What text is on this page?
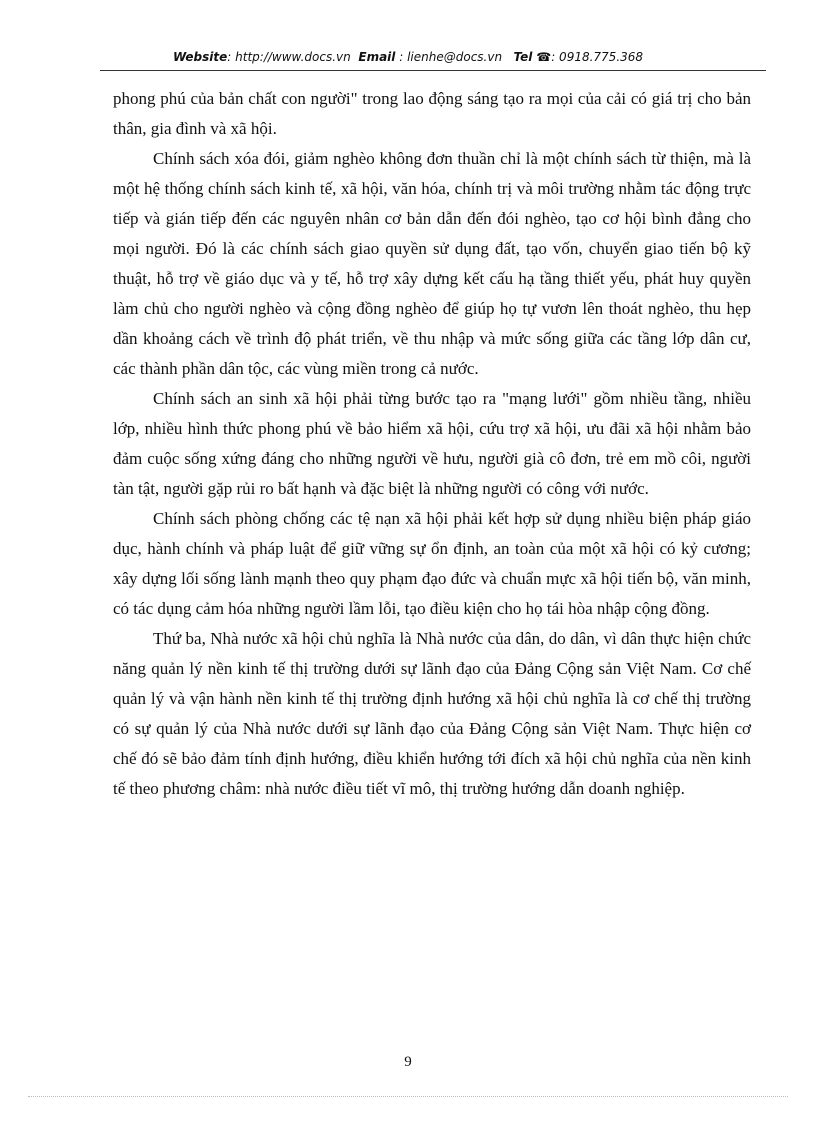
Website: http://www.docs.vn Email : lienhe@docs.vn Tel ☎: 0918.775.368

phong phú của bản chất con người" trong lao động sáng tạo ra mọi của cải có giá trị cho bản thân, gia đình và xã hội.

Chính sách xóa đói, giảm nghèo không đơn thuần chỉ là một chính sách từ thiện, mà là một hệ thống chính sách kinh tế, xã hội, văn hóa, chính trị và môi trường nhằm tác động trực tiếp và gián tiếp đến các nguyên nhân cơ bản dẫn đến đói nghèo, tạo cơ hội bình đẳng cho mọi người. Đó là các chính sách giao quyền sử dụng đất, tạo vốn, chuyển giao tiến bộ kỹ thuật, hỗ trợ về giáo dục và y tế, hỗ trợ xây dựng kết cấu hạ tầng thiết yếu, phát huy quyền làm chủ cho người nghèo và cộng đồng nghèo để giúp họ tự vươn lên thoát nghèo, thu hẹp dần khoảng cách về trình độ phát triển, về thu nhập và mức sống giữa các tầng lớp dân cư, các thành phần dân tộc, các vùng miền trong cả nước.

Chính sách an sinh xã hội phải từng bước tạo ra "mạng lưới" gồm nhiều tầng, nhiều lớp, nhiều hình thức phong phú về bảo hiểm xã hội, cứu trợ xã hội, ưu đãi xã hội nhằm bảo đảm cuộc sống xứng đáng cho những người về hưu, người già cô đơn, trẻ em mồ côi, người tàn tật, người gặp rủi ro bất hạnh và đặc biệt là những người có công với nước.

Chính sách phòng chống các tệ nạn xã hội phải kết hợp sử dụng nhiều biện pháp giáo dục, hành chính và pháp luật để giữ vững sự ổn định, an toàn của một xã hội có kỷ cương; xây dựng lối sống lành mạnh theo quy phạm đạo đức và chuẩn mực xã hội tiến bộ, văn minh, có tác dụng cảm hóa những người lầm lỗi, tạo điều kiện cho họ tái hòa nhập cộng đồng.

Thứ ba, Nhà nước xã hội chủ nghĩa là Nhà nước của dân, do dân, vì dân thực hiện chức năng quản lý nền kinh tế thị trường dưới sự lãnh đạo của Đảng Cộng sản Việt Nam. Cơ chế quản lý và vận hành nền kinh tế thị trường định hướng xã hội chủ nghĩa là cơ chế thị trường có sự quản lý của Nhà nước dưới sự lãnh đạo của Đảng Cộng sản Việt Nam. Thực hiện cơ chế đó sẽ bảo đảm tính định hướng, điều khiển hướng tới đích xã hội chủ nghĩa của nền kinh tế theo phương châm: nhà nước điều tiết vĩ mô, thị trường hướng dẫn doanh nghiệp.

9
